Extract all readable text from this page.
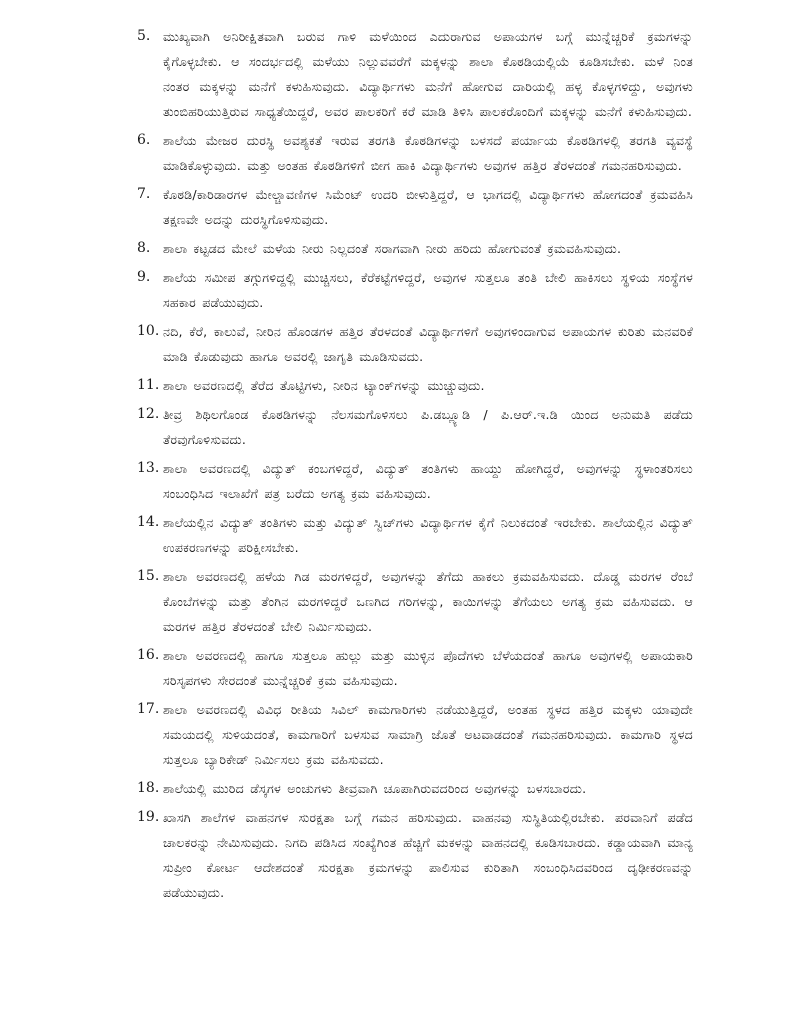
5.	ಮುಖ್ಯವಾಗಿ ಅನಿರೀಕ್ಷಿತವಾಗಿ ಬರುವ ಗಾಳಿ ಮಳೆಯಿಂದ ಎದುರಾಗುವ ಅಪಾಯಗಳ ಬಗ್ಗೆ ಮುನ್ನೆಚ್ಚರಿಕೆ ಕ್ರಮಗಳನ್ನು ಕೈಗೊಳ್ಳಬೇಕು. ಆ ಸಂದರ್ಭದಲ್ಲಿ ಮಳೆಯು ನಿಲ್ಲುವವರೆಗೆ ಮಕ್ಕಳನ್ನು ಶಾಲಾ ಕೊಠಡಿಯಲ್ಲಿಯೆ ಕೂಡಿಸಬೇಕು. ಮಳೆ ನಿಂತ ನಂತರ ಮಕ್ಕಳನ್ನು ಮನೆಗೆ ಕಳುಹಿಸುವುದು. ವಿದ್ಯಾರ್ಥಿಗಳು ಮನೆಗೆ ಹೋಗುವ ದಾರಿಯಲ್ಲಿ ಹಳ್ಳ ಕೊಳ್ಳಗಳಿದ್ದು, ಅವುಗಳು ತುಂಬಿಹರಿಯುತ್ತಿರುವ ಸಾಧ್ಯತೆಯಿದ್ದರೆ, ಅವರ ಪಾಲಕರಿಗೆ ಕರೆ ಮಾಡಿ ತಿಳಿಸಿ ಪಾಲಕರೊಂದಿಗೆ ಮಕ್ಕಳನ್ನು ಮನೆಗೆ ಕಳುಹಿಸುವುದು.
6.	ಶಾಲೆಯ ಮೇಜರ ದುರಸ್ಥಿ ಅವಶ್ಯಕತೆ ಇರುವ ತರಗತಿ ಕೊಠಡಿಗಳನ್ನು ಬಳಸದೆ ಪರ್ಯಾಯ ಕೊಠಡಿಗಳಲ್ಲಿ ತರಗತಿ ವ್ಯವಸ್ಥೆ ಮಾಡಿಕೊಳ್ಳುವುದು. ಮತ್ತು ಅಂತಹ ಕೊಠಡಿಗಳಿಗೆ ಬೀಗ ಹಾಕಿ ವಿದ್ಯಾರ್ಥಿಗಳು ಅವುಗಳ ಹತ್ತಿರ ತೆರಳದಂತೆ ಗಮನಹರಿಸುವುದು.
7.	ಕೊಠಡಿ/ಕಾರಿಡಾರಗಳ ಮೇಲ್ಚಾವಣಿಗಳ ಸಿಮೆಂಟ್ ಉದರಿ ಬೀಳುತ್ತಿದ್ದರೆ, ಆ ಭಾಗದಲ್ಲಿ ವಿದ್ಯಾರ್ಥಿಗಳು ಹೋಗದಂತೆ ಕ್ರಮವಹಿಸಿ ತಕ್ಷಣವೇ ಅದನ್ನು ದುರಸ್ಥಿಗೊಳಿಸುವುದು.
8.	ಶಾಲಾ ಕಟ್ಟಡದ ಮೇಲೆ ಮಳೆಯ ನೀರು ನಿಲ್ಲದಂತೆ ಸರಾಗವಾಗಿ ನೀರು ಹರಿದು ಹೋಗುವಂತೆ ಕ್ರಮವಹಿಸುವುದು.
9.	ಶಾಲೆಯ ಸಮೀಪ ತಗ್ಗುಗಳಿದ್ದಲ್ಲಿ ಮುಚ್ಚಿಸಲು, ಕೆರೆಕಟ್ಟೆಗಳಿದ್ದರೆ, ಅವುಗಳ ಸುತ್ತಲೂ ತಂತಿ ಬೇಲಿ ಹಾಕಿಸಲು ಸ್ಥಳಿಯ ಸಂಸ್ಥೆಗಳ ಸಹಕಾರ ಪಡೆಯುವುದು.
10. ನದಿ, ಕೆರೆ, ಕಾಲುವೆ, ನೀರಿನ ಹೊಂಡಗಳ ಹತ್ತಿರ ತೆರಳದಂತೆ ವಿದ್ಯಾರ್ಥಿಗಳಿಗೆ ಅವುಗಳಿಂದಾಗುವ ಅಪಾಯಗಳ ಕುರಿತು ಮನವರಿಕೆ ಮಾಡಿ ಕೊಡುವುದು ಹಾಗೂ ಅವರಲ್ಲಿ ಜಾಗೃತಿ ಮೂಡಿಸುವದು.
11. ಶಾಲಾ ಅವರಣದಲ್ಲಿ ತೆರೆದ ತೊಟ್ಟಿಗಳು, ನೀರಿನ ಟ್ಯಾಂಕ್‌ಗಳನ್ನು ಮುಚ್ಚುವುದು.
12. ತೀವ್ರ ಶಿಥಿಲಗೊಂಡ ಕೊಠಡಿಗಳನ್ನು ನೆಲಸಮಗೊಳಿಸಲು ಪಿ.ಡಬ್ಲ್ಯೂಡಿ / ಪಿ.ಆರ್.ಇ.ಡಿ ಯಿಂದ ಅನುಮತಿ ಪಡೆದು ತೆರವುಗೊಳಿಸುವದು.
13. ಶಾಲಾ ಅವರಣದಲ್ಲಿ ವಿದ್ಯುತ್ ಕಂಬಗಳಿದ್ದರೆ, ವಿದ್ಯುತ್ ತಂತಿಗಳು ಹಾಯ್ದು ಹೋಗಿದ್ದರೆ, ಅವುಗಳನ್ನು ಸ್ಥಳಾಂತರಿಸಲು ಸಂಬಂಧಿಸಿದ ಇಲಾಖೆಗೆ ಪತ್ರ ಬರೆದು ಅಗತ್ಯ ಕ್ರಮ ವಹಿಸುವುದು.
14. ಶಾಲೆಯಲ್ಲಿನ ವಿದ್ಯುತ್ ತಂತಿಗಳು ಮತ್ತು ವಿದ್ಯುತ್ ಸ್ವಿಚ್‌ಗಳು ವಿದ್ಯಾರ್ಥಿಗಳ ಕೈಗೆ ನಿಲುಕದಂತೆ ಇರಬೇಕು. ಶಾಲೆಯಲ್ಲಿನ ವಿದ್ಯುತ್ ಉಪಕರಣಗಳನ್ನು ಪರಿಕ್ಷೀಸಬೇಕು.
15. ಶಾಲಾ ಅವರಣದಲ್ಲಿ ಹಳೆಯ ಗಿಡ ಮರಗಳಿದ್ದರೆ, ಅವುಗಳನ್ನು ತೆಗೆದು ಹಾಕಲು ಕ್ರಮವಹಿಸುವದು. ದೊಡ್ಡ ಮರಗಳ ರೆಂಬೆ ಕೊಂಬೆಗಳನ್ನು ಮತ್ತು ತೆಂಗಿನ ಮರಗಳಿದ್ದರೆ ಒಣಗಿದ ಗರಿಗಳನ್ನು, ಕಾಯಿಗಳನ್ನು ತೆಗೆಯಲು ಅಗತ್ಯ ಕ್ರಮ ವಹಿಸುವದು. ಆ ಮರಗಳ ಹತ್ತಿರ ತೆರಳದಂತೆ ಬೇಲಿ ನಿರ್ಮಿಸುವುದು.
16. ಶಾಲಾ ಅವರಣದಲ್ಲಿ ಹಾಗೂ ಸುತ್ತಲೂ ಹುಲ್ಲು ಮತ್ತು ಮುಳ್ಳಿನ ಪೊದೆಗಳು ಬೆಳೆಯದಂತೆ ಹಾಗೂ ಅವುಗಳಲ್ಲಿ ಅಪಾಯಕಾರಿ ಸರಿಸೃಪಗಳು ಸೇರದಂತೆ ಮುನ್ನೆಚ್ಚರಿಕೆ ಕ್ರಮ ವಹಿಸುವುದು.
17. ಶಾಲಾ ಅವರಣದಲ್ಲಿ ವಿವಿಧ ರೀತಿಯ ಸಿವಿಲ್ ಕಾಮಗಾರಿಗಳು ನಡೆಯುತ್ತಿದ್ದರೆ, ಅಂತಹ ಸ್ಥಳದ ಹತ್ತಿರ ಮಕ್ಕಳು ಯಾವುದೇ ಸಮಯದಲ್ಲಿ ಸುಳಿಯದಂತೆ, ಕಾಮಗಾರಿಗೆ ಬಳಸುವ ಸಾಮಾಗ್ರಿ ಜೊತೆ ಅಟವಾಡದಂತೆ ಗಮನಹರಿಸುವುದು. ಕಾಮಗಾರಿ ಸ್ಥಳದ ಸುತ್ತಲೂ ಬ್ಯಾರಿಕೇಡ್ ನಿರ್ಮಿಸಲು ಕ್ರಮ ವಹಿಸುವದು.
18. ಶಾಲೆಯಲ್ಲಿ ಮುರಿದ ಡೆಸ್ಕಗಳ ಅಂಚುಗಳು ತೀವ್ರವಾಗಿ ಚೂಪಾಗಿರುವದರಿಂದ ಅವುಗಳನ್ನು ಬಳಸಬಾರದು.
19. ಖಾಸಗಿ ಶಾಲೆಗಳ ವಾಹನಗಳ ಸುರಕ್ಷತಾ ಬಗ್ಗೆ ಗಮನ ಹರಿಸುವುದು. ವಾಹನವು ಸುಸ್ಥಿತಿಯಲ್ಲಿರಬೇಕು. ಪರವಾನಿಗೆ ಪಡೆದ ಚಾಲಕರನ್ನು ನೇಮಿಸುವುದು. ನಿಗದಿ ಪಡಿಸಿದ ಸಂಖ್ಯೆಗಿಂತ ಹೆಚ್ಚಿಗೆ ಮಕಳನ್ನು ವಾಹನದಲ್ಲಿ ಕೂಡಿಸಬಾರದು. ಕಡ್ಡಾಯವಾಗಿ ಮಾನ್ಯ ಸುಪ್ರೀಂ ಕೋರ್ಟ ಆದೇಶದಂತೆ ಸುರಕ್ಷತಾ ಕ್ರಮಗಳನ್ನು ಪಾಲಿಸುವ ಕುರಿತಾಗಿ ಸಂಬಂಧಿಸಿದವರಿಂದ ದೃಢೀಕರಣವನ್ನು ಪಡೆಯುವುದು.
